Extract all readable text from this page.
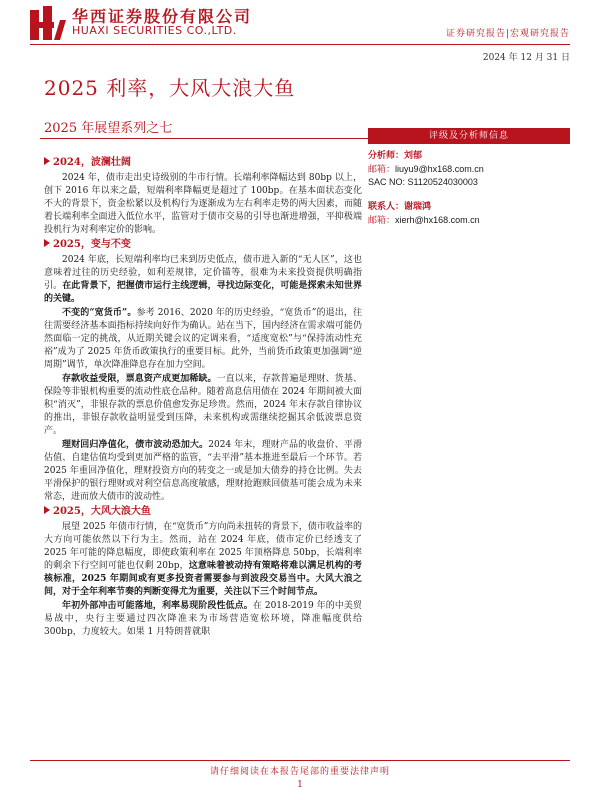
华西证券股份有限公司
HUAXI SECURITIES CO.,LTD.	证券研究报告|宏观研究报告
2024 年 12 月 31 日
2025 利率，大风大浪大鱼
2025 年展望系列之七
2024，波澜壮阔

2024 年，债市走出史诗级别的牛市行情。长端利率降幅达到 80bp 以上，创下 2016 年以来之最，短端利率降幅更是超过了 100bp。在基本面状态变化不大的背景下，资金松紧以及机构行为逐渐成为左右利率走势的两大因素，而随着长端利率全面进入低位水平，监管对于债市交易的引导也渐进增强，平抑极端投机行为对利率定价的影响。

2025，变与不变

2024 年底，长短端利率均已来到历史低点，债市进入新的“无人区”，这也意味着过往的历史经验，如利差规律，定价锚等，很难为未来投资提供明确指引。在此背景下，把握债市运行主线逻辑，寻找边际变化，可能是探索未知世界的关键。

不变的“宽货币”。参考 2016、2020 年的历史经验，“宽货币”的退出，往往需要经济基本面指标持续向好作为确认。站在当下，国内经济在需求端可能仍然面临一定的挑战，从近期关键会议的定调来看，“适度宽松”与“保持流动性充裕”成为了 2025 年货币政策执行的重要目标。此外，当前货币政策更加强调“逆周期”调节，单次降准降息存在加力空间。

存款收益受限，票息资产成更加稀缺。一直以来，存款普遍是理财、货基、保险等非银机构重要的流动性底仓品种。随着高息信用债在 2024 年期间被大面积“消灭”，非银存款的票息价值愈发弥足珍贵。然而，2024 年末存款自律协议的推出，非银存款收益明显受到压降，未来机构或需继续挖掘其余低波票息资产。

理财回归净值化，债市波动恐加大。2024 年末，理财产品的收盘价、平滑估值、自建估值均受到更加严格的监管，“去平滑”基本推进至最后一个环节。若 2025 年重回净值化，理财投资方向的转变之一或是加大债券的持仓比例。失去平滑保护的银行理财或对利空信息高度敏感，理财抢跑赎回债基可能会成为未来常态，进而放大债市的波动性。

2025，大风大浪大鱼

展望 2025 年债市行情，在“宽货币”方向尚未扭转的背景下，债市收益率的大方向可能依然以下行为主。然而，站在 2024 年底，债市定价已经透支了 2025 年可能的降息幅度，即使政策利率在 2025 年顶格降息 50bp，长端利率的剩余下行空间可能也仅剩 20bp，这意味着被动持有策略将难以满足机构的考核标准，2025 年期间或有更多投资者需要参与到波段交易当中。大风大浪之间，对于全年利率节奏的判断变得尤为重要，关注以下三个时间节点。

年初外部冲击可能落地，利率易现阶段性低点。在 2018-2019 年的中美贸易战中，央行主要通过四次降准来为市场营造宽松环境，降准幅度供给 300bp，力度较大。如果 1 月特朗普就职

评级及分析师信息
分析师：刘郁
邮箱：liuyu9@hx168.com.cn
SAC NO: S1120524030003
联系人：谢瑞鸿
邮箱：xierh@hx168.com.cn
请仔细阅读在本报告尾部的重要法律声明
1
